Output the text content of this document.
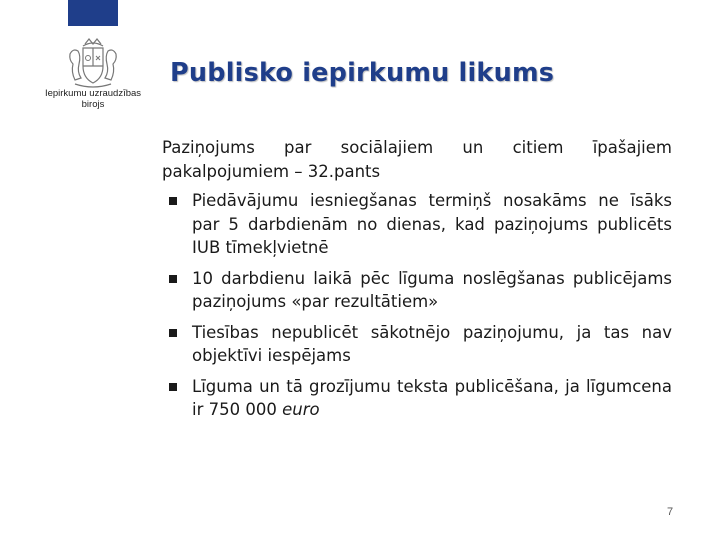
Iepirkumu uzraudzības
birojs
Publisko iepirkumu likums

Paziņojums par sociālajiem un citiem īpašajiem pakalpojumiem – 32.pants

Piedāvājumu iesniegšanas termiņš nosakāms ne īsāks par 5 darbdienām no dienas, kad paziņojums publicēts IUB tīmekļvietnē
10 darbdienu laikā pēc līguma noslēgšanas publicējams paziņojums «par rezultātiem»
Tiesības nepublicēt sākotnējo paziņojumu, ja tas nav objektīvi iespējams
Līguma un tā grozījumu teksta publicēšana, ja līgumcena ir 750 000 euro
7
